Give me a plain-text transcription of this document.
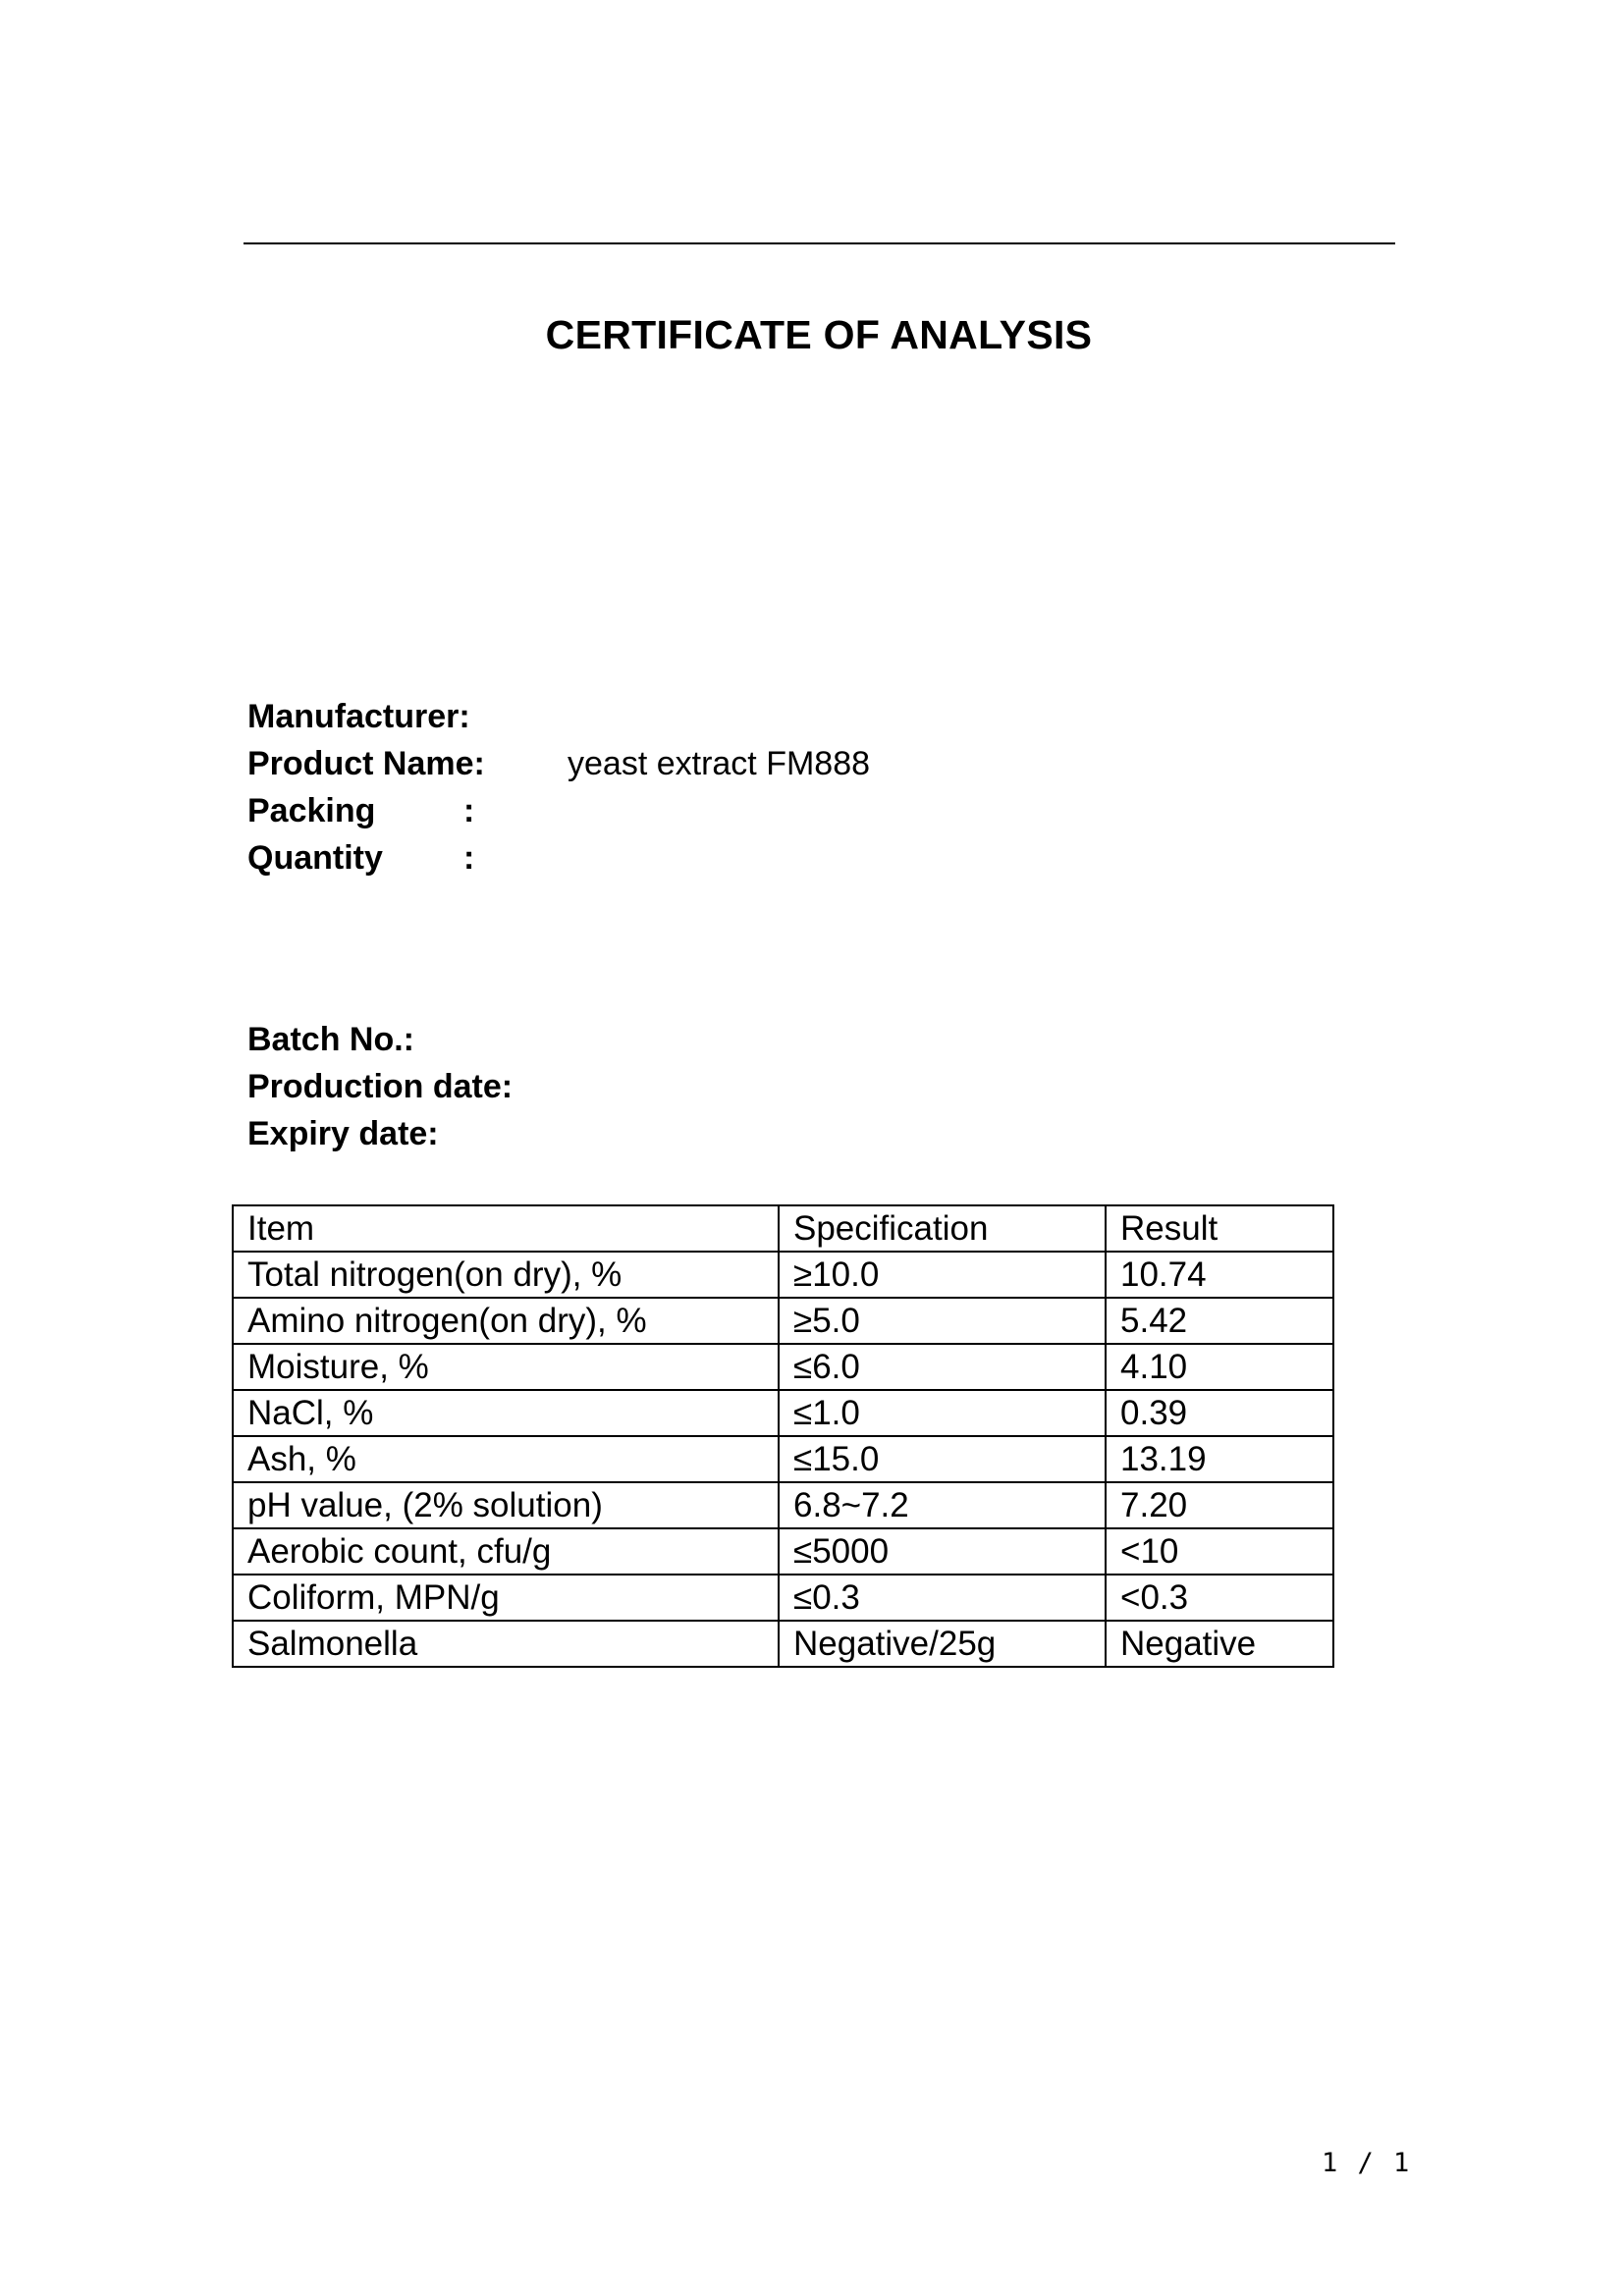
CERTIFICATE OF ANALYSIS
Manufacturer:
Product Name: yeast extract FM888
Packing	:
Quantity :
Batch No.:
Production date:
Expiry date:
Item	Specification	Result
Total nitrogen(on dry), %	≥10.0	10.74
Amino nitrogen(on dry), %	≥5.0	5.42
Moisture, %	≤6.0	4.10
NaCl, %	≤1.0	0.39
Ash, %	≤15.0	13.19
pH value, (2% solution)	6.8~7.2	7.20
Aerobic count, cfu/g	≤5000	<10
Coliform, MPN/g	≤0.3	<0.3
Salmonella	Negative/25g	Negative
1 / 1
